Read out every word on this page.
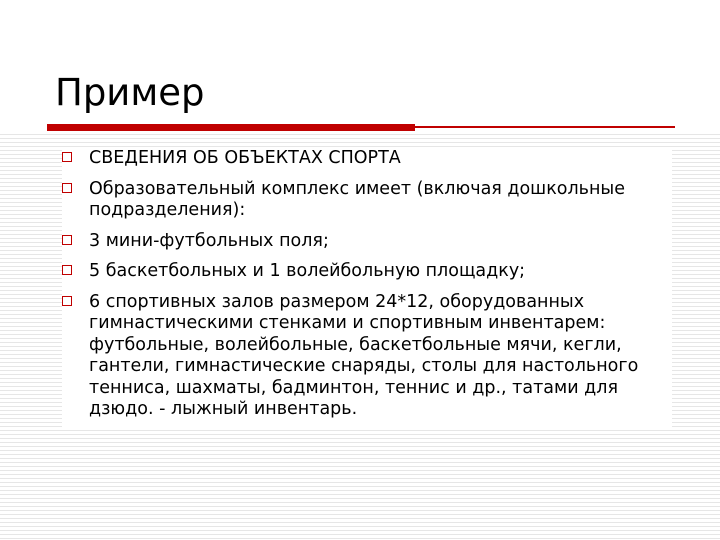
Пример
СВЕДЕНИЯ ОБ ОБЪЕКТАХ СПОРТА
Образовательный комплекс имеет (включая дошкольные подразделения):
3 мини-футбольных поля;
5 баскетбольных и 1 волейбольную площадку;
6 спортивных залов размером 24*12, оборудованных гимнастическими стенками и спортивным инвентарем: футбольные, волейбольные, баскетбольные мячи, кегли, гантели, гимнастические снаряды, столы для настольного тенниса, шахматы, бадминтон, теннис и др., татами для дзюдо. - лыжный инвентарь.
